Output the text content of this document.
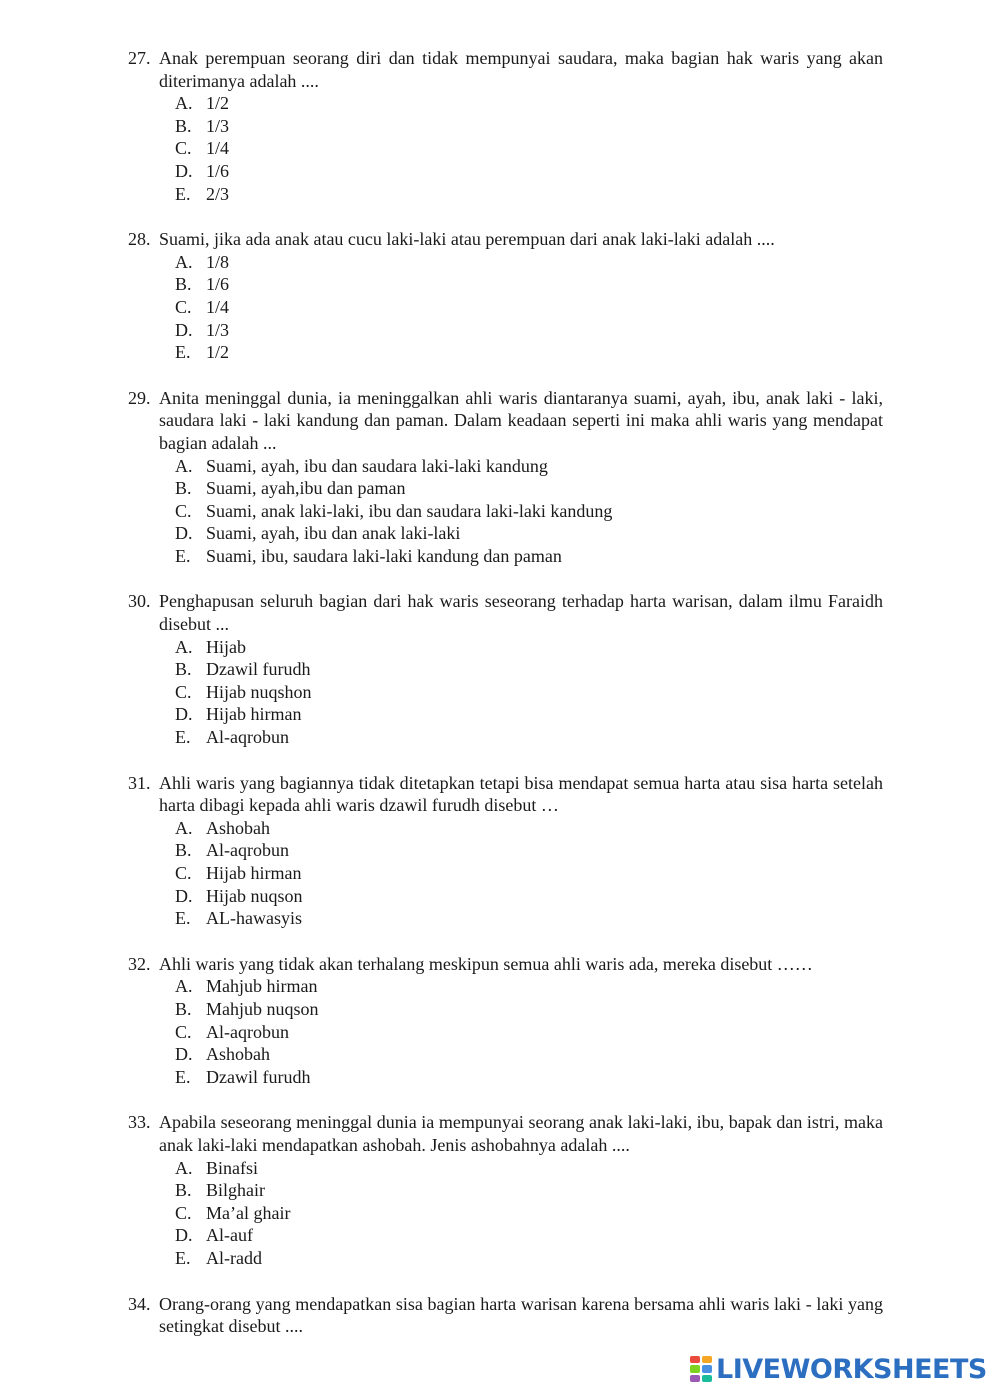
27. Anak perempuan seorang diri dan tidak mempunyai saudara, maka bagian hak waris yang akan diterimanya adalah ....
A. 1/2
B. 1/3
C. 1/4
D. 1/6
E. 2/3
28. Suami, jika ada anak atau cucu laki-laki atau perempuan dari anak laki-laki adalah ....
A. 1/8
B. 1/6
C. 1/4
D. 1/3
E. 1/2
29. Anita meninggal dunia, ia meninggalkan ahli waris diantaranya suami, ayah, ibu, anak laki - laki, saudara laki - laki kandung dan paman. Dalam keadaan seperti ini maka ahli waris yang mendapat bagian adalah ...
A. Suami, ayah, ibu dan saudara laki-laki kandung
B. Suami, ayah,ibu dan paman
C. Suami, anak laki-laki, ibu dan saudara laki-laki kandung
D. Suami, ayah, ibu dan anak laki-laki
E. Suami, ibu, saudara laki-laki kandung dan paman
30. Penghapusan seluruh bagian dari hak waris seseorang terhadap harta warisan, dalam ilmu Faraidh disebut ...
A. Hijab
B. Dzawil furudh
C. Hijab nuqshon
D. Hijab hirman
E. Al-aqrobun
31. Ahli waris yang bagiannya tidak ditetapkan tetapi bisa mendapat semua harta atau sisa harta setelah harta dibagi kepada ahli waris dzawil furudh disebut …
A. Ashobah
B. Al-aqrobun
C. Hijab hirman
D. Hijab nuqson
E. AL-hawasyis
32. Ahli waris yang tidak akan terhalang meskipun semua ahli waris ada, mereka disebut ……
A. Mahjub hirman
B. Mahjub nuqson
C. Al-aqrobun
D. Ashobah
E. Dzawil furudh
33. Apabila seseorang meninggal dunia ia mempunyai seorang anak laki-laki, ibu, bapak dan istri, maka anak laki-laki mendapatkan ashobah. Jenis ashobahnya adalah ....
A. Binafsi
B. Bilghair
C. Ma’al ghair
D. Al-auf
E. Al-radd
34. Orang-orang yang mendapatkan sisa bagian harta warisan karena bersama ahli waris laki - laki yang setingkat disebut ....
LIVEWORKSHEETS
